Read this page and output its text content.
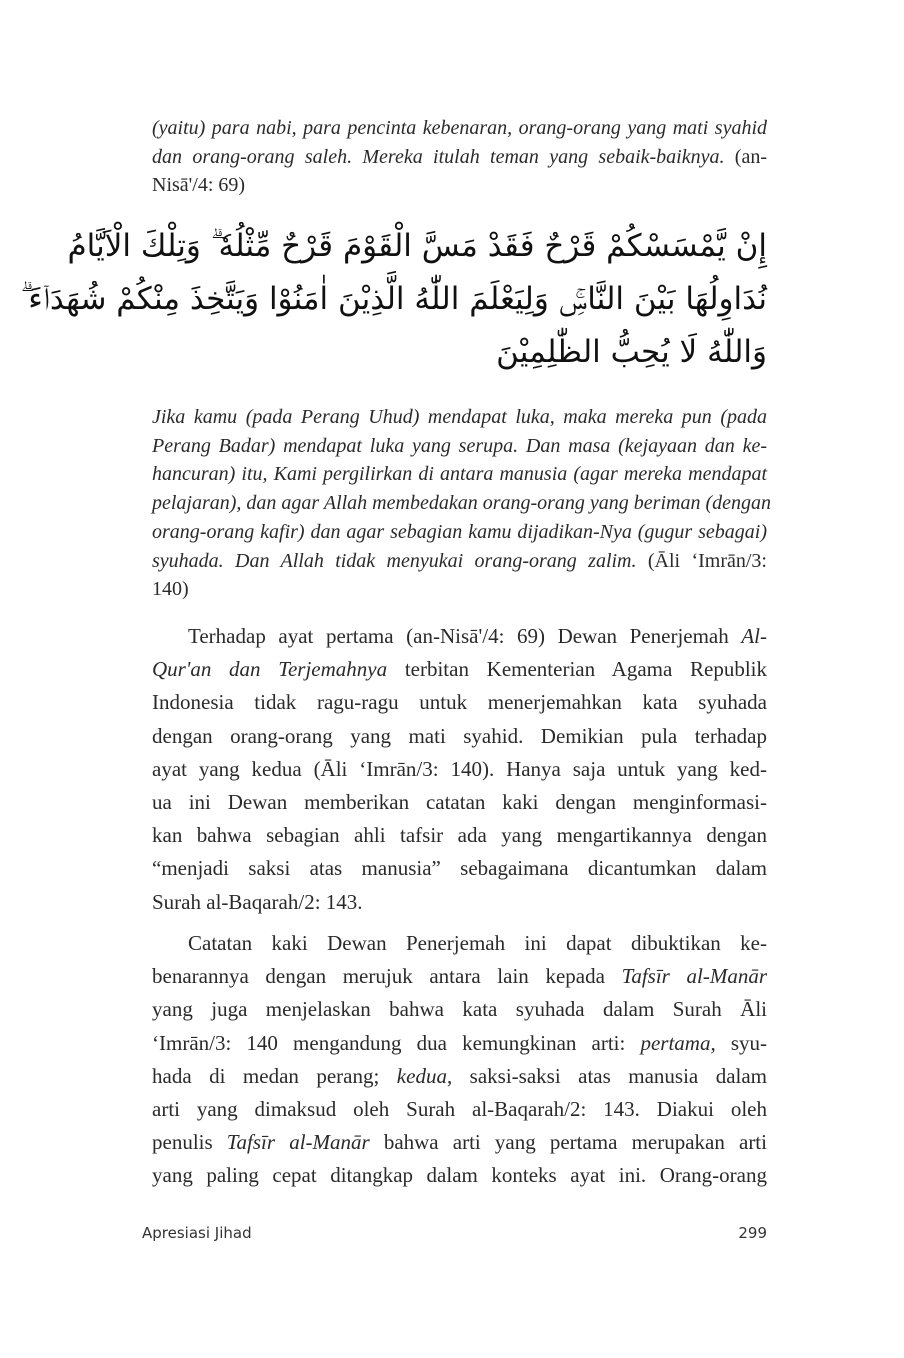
(yaitu) para nabi, para pencinta kebenaran, orang-orang yang mati syahid
dan orang-orang saleh. Mereka itulah teman yang sebaik-baiknya. (an-
Nisā'/4: 69)
إِنْ يَّمْسَسْكُمْ قَرْحٌ فَقَدْ مَسَّ الْقَوْمَ قَرْحٌ مِّثْلُهٗ ۗ وَتِلْكَ الْاَيَّامُ
نُدَاوِلُهَا بَيْنَ النَّاسِۚ وَلِيَعْلَمَ اللّٰهُ الَّذِيْنَ اٰمَنُوْا وَيَتَّخِذَ مِنْكُمْ شُهَدَاۤءَ ۗ
وَاللّٰهُ لَا يُحِبُّ الظّٰلِمِيْنَ
Jika kamu (pada Perang Uhud) mendapat luka, maka mereka pun (pada
Perang Badar) mendapat luka yang serupa. Dan masa (kejayaan dan ke-
hancuran) itu, Kami pergilirkan di antara manusia (agar mereka mendapat
pelajaran), dan agar Allah membedakan orang-orang yang beriman (dengan
orang-orang kafir) dan agar sebagian kamu dijadikan-Nya (gugur sebagai)
syuhada. Dan Allah tidak menyukai orang-orang zalim. (Āli ‘Imrān/3:
140)
Terhadap ayat pertama (an-Nisā'/4: 69) Dewan Penerjemah Al-
Qur'an dan Terjemahnya terbitan Kementerian Agama Republik
Indonesia tidak ragu-ragu untuk menerjemahkan kata syuhada
dengan orang-orang yang mati syahid. Demikian pula terhadap
ayat yang kedua (Āli ‘Imrān/3: 140). Hanya saja untuk yang ked-
ua ini Dewan memberikan catatan kaki dengan menginformasi-
kan bahwa sebagian ahli tafsir ada yang mengartikannya dengan
“menjadi saksi atas manusia” sebagaimana dicantumkan dalam
Surah al-Baqarah/2: 143.
Catatan kaki Dewan Penerjemah ini dapat dibuktikan ke-
benarannya dengan merujuk antara lain kepada Tafsīr al-Manār
yang juga menjelaskan bahwa kata syuhada dalam Surah Āli
‘Imrān/3: 140 mengandung dua kemungkinan arti: pertama, syu-
hada di medan perang; kedua, saksi-saksi atas manusia dalam
arti yang dimaksud oleh Surah al-Baqarah/2: 143. Diakui oleh
penulis Tafsīr al-Manār bahwa arti yang pertama merupakan arti
yang paling cepat ditangkap dalam konteks ayat ini. Orang-orang
Apresiasi Jihad	299
